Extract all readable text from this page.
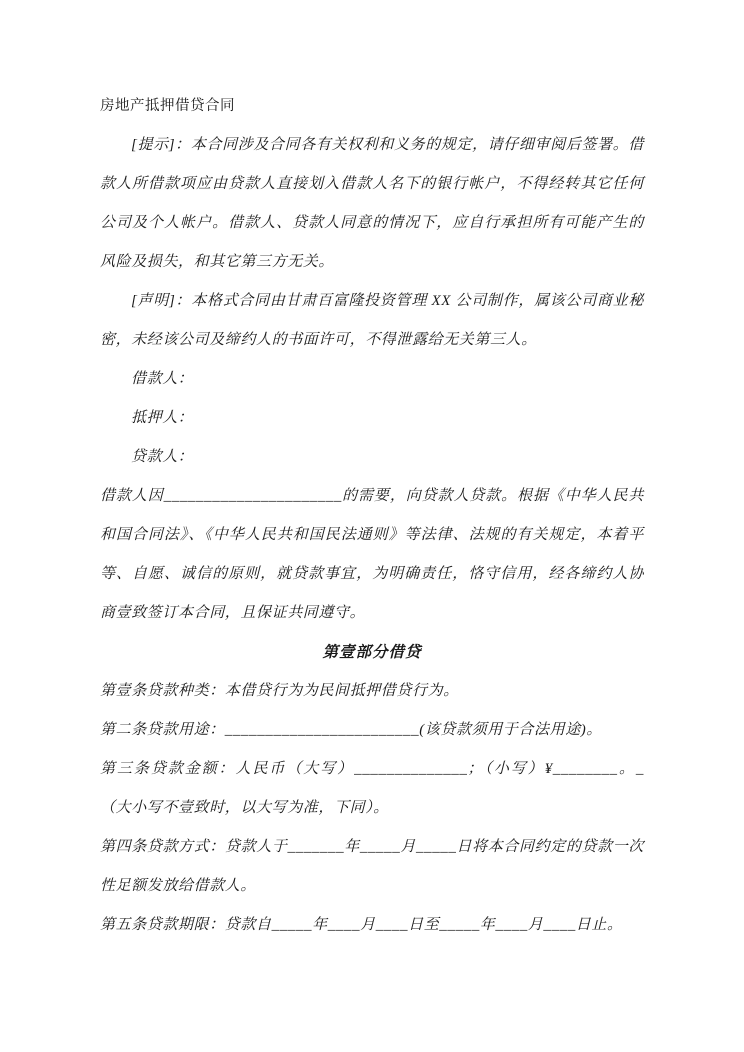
房地产抵押借贷合同

[提示]：本合同涉及合同各有关权利和义务的规定，请仔细审阅后签署。借款人所借款项应由贷款人直接划入借款人名下的银行帐户，不得经转其它任何公司及个人帐户。借款人、贷款人同意的情况下，应自行承担所有可能产生的风险及损失，和其它第三方无关。

[声明]：本格式合同由甘肃百富隆投资管理 XX 公司制作，属该公司商业秘密，未经该公司及缔约人的书面许可，不得泄露给无关第三人。

借款人：

抵押人：

贷款人：

借款人因______________________的需要，向贷款人贷款。根据《中华人民共和国合同法》、《中华人民共和国民法通则》等法律、法规的有关规定，本着平等、自愿、诚信的原则，就贷款事宜，为明确责任，恪守信用，经各缔约人协商壹致签订本合同，且保证共同遵守。

第壹部分借贷

第壹条贷款种类：本借贷行为为民间抵押借贷行为。

第二条贷款用途：________________________(该贷款须用于合法用途)。

第三条贷款金额：人民币（大写）______________；（小写）¥________。_（大小写不壹致时，以大写为准，下同）。

第四条贷款方式：贷款人于_______年_____月_____日将本合同约定的贷款一次性足额发放给借款人。

第五条贷款期限：贷款自_____年____月____日至_____年____月____日止。
